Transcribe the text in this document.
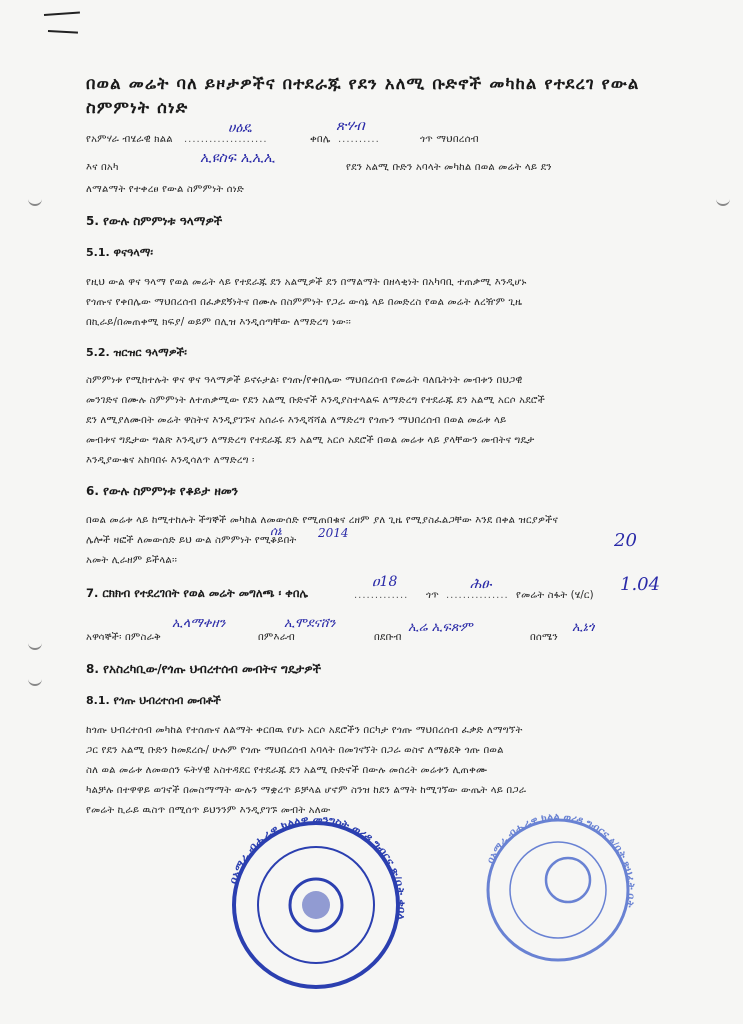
በወል መሬት ባለ ይዞታዎችና በተደራጁ የደን አለሚ ቡድኖች መካከል የተደረገ የውል
ስምምነት ሰነድ
የአምሃራ ብሄራዊ ክልል ....................
ሀዕዴ
ቀበሌ ..........
ጽሃብ
ጎጥ ማህበረሰብ
እና በአካ
ኢዩስፍ ኢኢኢ
የደን አልሚ ቡድን አባላት መካከል በወል መሬት ላይ ደን
ለማልማት የተቀረፀ የውል ስምምነት ሰነድ
5. የውሉ ስምምነቱ ዓላማዎች
5.1. ዋናዓላማ፡
የዚህ ውል ዋና ዓላማ የወል መሬት ላይ የተደራጁ ደን አልሚዎች ደን በማልማት በዘላቂነት በአካባቢ ተጠቃሚ እንዲሆኑ
የጎጡና የቀበሌው ማህበረሰብ በፈቃደኝነትና በሙሉ በስምምነት የጋራ ውሳኔ ላይ በመድረስ የወል መሬት ለረዥም ጊዜ
በኪራይ/በመጠቀሚ ክፍያ/ ወይም በሊዝ እንዲሰጣቸው ለማድረግ ነው፡፡
5.2. ዝርዝር ዓላማዎች፡
ስምምነቱ የሚከተሉት ዋና ዋና ዓላማዎች ይኖሩታል፡ የጎጡ/የቀበሌው ማህበረሰብ የመሬት ባለቤትነት መብቱን በህጋዊ
መንገድና በሙሉ ስምምነት ለተጠቃሚው የደን አልሚ ቡድኖች እንዲያስተላልፍ ለማድረግ የተደራጁ ደን አልሚ አርሶ አደሮች
ደን ለሚያለሙበት መሬት ዋስትና እንዲያገኙና አሰራሩ እንዲሻሻል ለማድረግ የጎጡን ማህበረሰብ በወል መሬቱ ላይ
መብቱና ግዴታው ግልጽ እንዲሆን ለማድረግ የተደራጁ ደን አልሚ አርሶ አደሮች በወል መሬቱ ላይ ያላቸውን መብትና ግዴታ
እንዲያውቁና አከባበሩ እንዲሳለጥ ለማድረግ ፡
6. የውሉ ስምምነቱ የቆይታ ዘመን
በወል መሬቱ ላይ ከሚተከሉት ችግኞች መካከል ለመውሰድ የሚጠበቁና ረዘም ያለ ጊዜ የሚያስፈልጋቸው እንደ በቀል ዝርያዎችና
ሌሎች ዛፎች ለመውሰድ ይህ ውል ስምምነት የሚቆይበት
2014
ሰኔ	20
አመት ሊራዘም ይችላል፡፡
7. ርክክብ የተደረገበት የወል መሬት መግለጫ ፡ ቀበሌ	.............
ዐ18
ጎጥ ...............
ሕፁ
የመሬት ስፋት (ሄ/ር)
1.04
አዋሳኞች፡ በምስራቅ
ኢላማቀዘን
በምእራብ
ኢሞደናሸን
በደቡብ
ኢሬ ኢፍጽም
በሰሜን
ኢኔጎ
8. የአስረካቢው/የጎጡ ህብረተሰብ መብትና ግዴታዎች
8.1. የጎጡ ህብረተሰብ መብቶች
ከጎጡ ህብረተሰብ መካከል የተሰጡና ለልማት ቀርበዉ የሆኑ አርሶ አደሮችን በርካታ የጎጡ ማህበረሰብ ፈቃድ ለማግኘት
ጋር የደን አልሚ ቡድን ከመደረሱ/ ሁሉም የጎጡ ማህበረሰብ አባላት በመገናኘት በጋራ ወስኖ ለማፅደቅ ጎጡ በወል
ስለ ወል መሬቱ ለመወሰን ፍትሃዊ አስተዳደር የተደራጁ ደን አልሚ ቡድኖች በውሉ መሰረት መሬቱን ሊጠቀሙ
ካልቻሉ በተዋዋይ ወገኖች በመስማማት ውሉን ማቋረጥ ይቻላል ሆኖም ስንዝ ከደን ልማት ከሚገኘው ውጤት ላይ በጋራ
የመሬት ኪራይ ዉስጥ በሚሰጥ ይህንንም እንዲያገኙ መብት አለው
በአማራ ብሔራዊ ክልላዊ መንግስት ወረዳ ግብርና ጽ/ቤት ቀበሌ
በአማራ ብሔራዊ ክልል ወረዳ ግብርና ፅ/ቤት ጽህፈት ቤት
